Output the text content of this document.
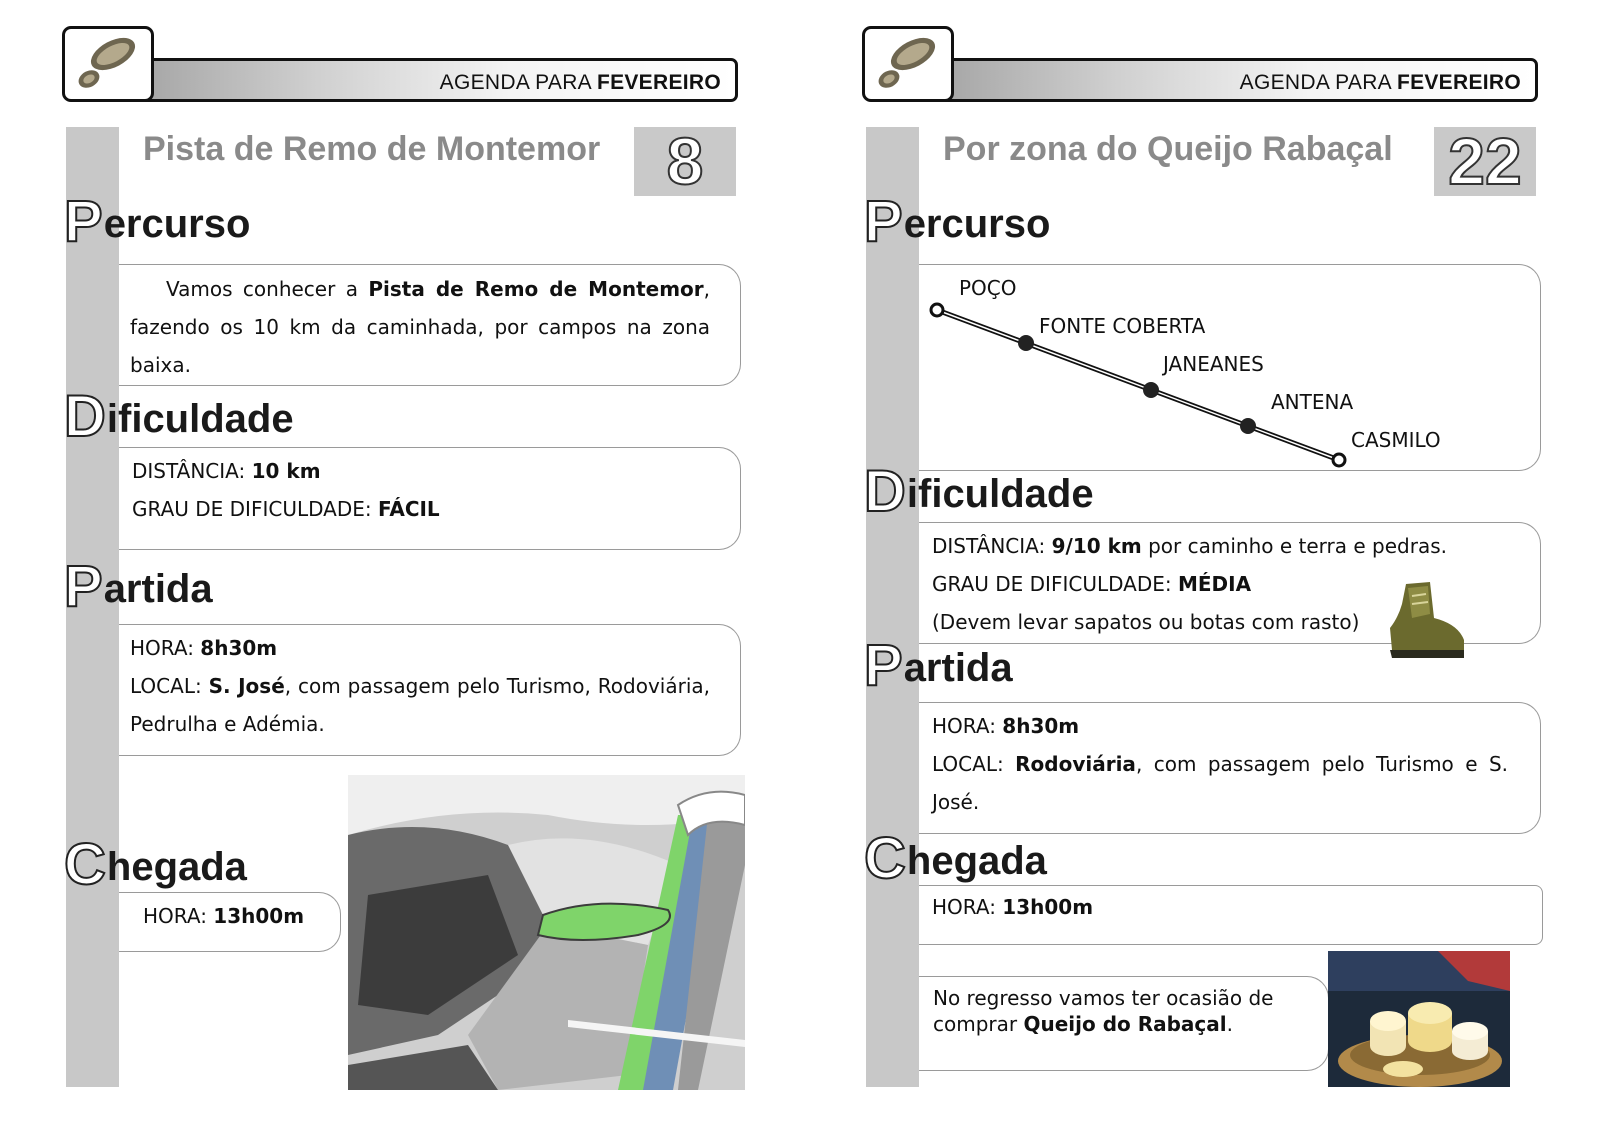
AGENDA PARA FEVEREIRO
Pista de Remo de Montemor	8
Percurso
Vamos conhecer a Pista de Remo de Montemor, fazendo os 10 km da caminhada, por campos na zona baixa.
Dificuldade
DISTÂNCIA: 10 km
GRAU DE DIFICULDADE: FÁCIL
Partida
HORA: 8h30m
LOCAL: S. José, com passagem pelo Turismo, Rodoviária, Pedrulha e Adémia.
Chegada
HORA: 13h00m
AGENDA PARA FEVEREIRO
Por zona do Queijo Rabaçal 22
Percurso
POÇO
FONTE COBERTA
JANEANES
ANTENA
CASMILO
Dificuldade
DISTÂNCIA: 9/10 km por caminho e terra e pedras.
GRAU DE DIFICULDADE: MÉDIA
(Devem levar sapatos ou botas com rasto)
Partida
HORA: 8h30m
LOCAL: Rodoviária, com passagem pelo Turismo e S. José.
Chegada
HORA: 13h00m
No regresso vamos ter ocasião de comprar Queijo do Rabaçal.
